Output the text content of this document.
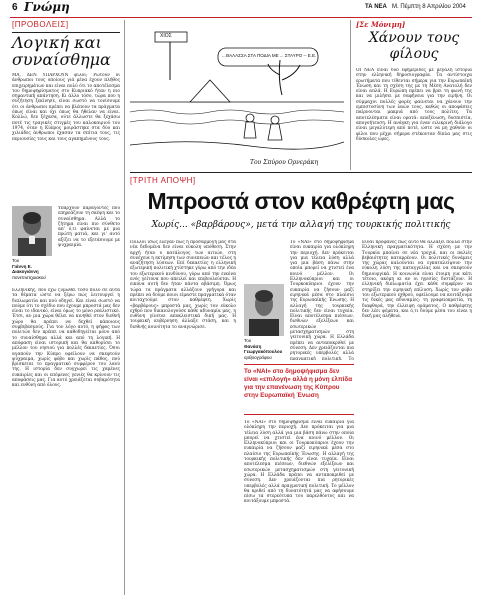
6 Γνώμη	ΤΑ ΝΕΑ Μ. Πέμπτη 8 Απριλίου 2004
[ΠΡΟΒΟΛΕΙΣ]
Λογική και συναίσθημα
ΜΑ, ΔΕΝ ΥΠΑΡΧΟΥΝ φίλοι; Ρωτούν οι άνθρωποι τους οποίους γιά μένα έχουν πλήθος επιχειρημάτων και είναι πολύ ότι το αποτέλεσμα του δημοψηφίσματος στο Κυπριακό ήταν η πιο σημαντική απάντηση. Κι άλλο τόσο, τώρα που η συζήτηση ξεκίνησε, είναι σωστό να τονίσουμε ότι οι άνθρωποι πρέπει να βλέπουν τα πράγματα όπως είναι και όχι όπως θα ήθελαν να είναι. Κολλώ, δεν ξέχασα, ούτε άλλωστε θα ξεχάσω ποτέ τις τραγικές στιγμές του καλοκαιριού του 1974, όταν η Κύπρος μοιράστηκε στα δύο και χιλιάδες άνθρωποι έχασαν τα σπίτια τους, τις περιουσίες τους και τους αγαπημένους τους.
Του
Γιάννη Ε. Διακογιάννη
πανεπιστημιακού
Υπάρχουν παράγοντες που επηρεάζουν τη σκέψη και το συναίσθημα. Αλλά το ζήτημα είναι πιο σύνθετο απ' ό,τι φαίνεται με μια πρώτη ματιά, και γι' αυτό αξίζει να το εξετάσουμε με ψυχραιμία.
Ελληνικής, πού έχω ζυμωθεί τόσο πολύ σε αυτά τα θέματα ώστε να ξέρω πώς λειτουργεί η διπλωματία και πού οδηγεί. Και είναι σωστό να πούμε ότι το σχέδιο που έχουμε μπροστά μας δεν είναι το ιδανικό, είναι όμως το μόνο ρεαλιστικό. Έτσι, αν μια χώρα θέλει να κινηθεί στον διεθνή χώρο θα πρέπει να δεχθεί κάποιους συμβιβασμούς. Για τον λόγο αυτό, η ψήφος των πολιτών δεν πρέπει να καθοδηγείται μόνο από το συναίσθημα αλλά και από τη λογική. Η απόφαση είναι ιστορική και θα καθορίσει το μέλλον του νησιού για πολλές δεκαετίες. Όσοι αγαπούν την Κύπρο οφείλουν να σκεφτούν ψύχραιμα, χωρίς φόβο και χωρίς πάθος, πού βρίσκεται το πραγματικό συμφέρον του λαού της. Η ιστορία δεν συγχωρεί τις χαμένες ευκαιρίες και οι επόμενες γενιές θα κρίνουν τις αποφάσεις μας. Για αυτό χρειάζεται σοβαρότητα και ευθύνη από όλους.
ΧΙΟΣ
...ΘΑΛΑΣΣΑ ΣΤΑ ΠΟΔΙΑ ΜΕ ... ΣΤΑΥΡΟ -- Ε.Ε.
Του Σπύρου Ορνεράκη
[Σε Μόνιμη]
Χάνουν τους φίλους
ΟΙ ΝΕΑ είναι δύο εφημερίδες με μεγάλη ιστορία στην ελληνική δημοσιογραφία. Τα αντίστοιχα ερωτήματα που τίθενται σήμερα για την Ευρωπαϊκή Ένωση και τη σχέση της με τη Μέση Ανατολή δεν είναι απλά. Η Ευρώπη πρέπει να βρει τη φωνή της και να μιλήσει με σαφήνεια για την ειρήνη. Οι σύμμαχοι πολλές φορές φαίνεται να χάνουν την εμπιστοσύνη των λαών τους, καθώς οι αποφάσεις παίρνονται μακριά από τους πολίτες. Τα αποτελέσματα είναι ορατά: αποξένωση, δυσπιστία, απογοήτευση. Η ανάγκη για έναν ειλικρινή διάλογο είναι μεγαλύτερη από ποτέ, ώστε να μη χαθούν οι φίλοι που μέχρι σήμερα στέκονταν δίπλα μας στις δύσκολες ώρες.
[ΤΡΙΤΗ ΑΠΟΨΗ]
Μπροστά στον καθρέφτη μας
Χωρίς... «βαρβάρους», μετά την αλλαγή της τουρκικής πολιτικής
Πολλοί ίσως έλεγαν πως η προσαρμογή μας στα νέα δεδομένα δεν είναι εύκολη υπόθεση. Στην αρχή ήταν ο κατάλογος των αιτιών, στη συνέχεια η εκτίμηση των συνεπειών και τέλος η αναζήτηση λύσεων. Επί δεκαετίες η ελληνική εξωτερική πολιτική χτίστηκε γύρω από την ιδέα του εξωτερικού κινδύνου, γύρω από την εικόνα ενός γείτονα που απειλεί και επιβουλεύεται. Η εικόνα αυτή δεν ήταν πάντα αβάσιμη. Όμως τώρα τα πράγματα αλλάζουν γρήγορα και πρέπει να δούμε ποιοι είμαστε πραγματικά όταν κοιταχτούμε στον καθρέφτη. Χωρίς «βαρβάρους» μπροστά μας, χωρίς τον εύκολο εχθρό που δικαιολογούσε κάθε αδυναμία μας, η ευθύνη γίνεται αποκλειστικά δική μας. Η τουρκική κυβέρνηση άλλαξε στάση, και η διεθνής κοινότητα το αναγνώρισε.
Του
Θανάση Γεωργακόπουλου
αρθρογράφου
Το «ΝΑΙ» στο δημοψήφισμα είναι ευκαιρία για ολόκληρη την περιοχή. Δεν πρόκειται για μια τέλεια λύση αλλά για μια βάση πάνω στην οποία μπορεί να χτιστεί ένα κοινό μέλλον. Οι Ελληνοκύπριοι και οι Τουρκοκύπριοι έχουν την ευκαιρία να ζήσουν μαζί ειρηνικά μέσα στο πλαίσιο της Ευρωπαϊκής Ένωσης. Η αλλαγή της τουρκικής πολιτικής δεν είναι τυχαία. Είναι αποτέλεσμα πιέσεων, διεθνών εξελίξεων και εσωτερικών μετασχηματισμών στη γειτονική χώρα. Η Ελλάδα πρέπει να ανταποκριθεί με σύνεση. Δεν χρειάζονται πια ρητορικές υπερβολές αλλά πραγματική πολιτική. Το
Το «ΝΑΙ» στο δημοψήφισμα δεν είναι «επιλογή» αλλά η μόνη ελπίδα για την επανένωση της Κύπρου στην Ευρωπαϊκή Ένωση
Το «ΝΑΙ» στο δημοψήφισμα είναι ευκαιρία για ολόκληρη την περιοχή. Δεν πρόκειται για μια τέλεια λύση αλλά για μια βάση πάνω στην οποία μπορεί να χτιστεί ένα κοινό μέλλον. Οι Ελληνοκύπριοι και οι Τουρκοκύπριοι έχουν την ευκαιρία να ζήσουν μαζί ειρηνικά μέσα στο πλαίσιο της Ευρωπαϊκής Ένωσης. Η αλλαγή της τουρκικής πολιτικής δεν είναι τυχαία. Είναι αποτέλεσμα πιέσεων, διεθνών εξελίξεων και εσωτερικών μετασχηματισμών στη γειτονική χώρα. Η Ελλάδα πρέπει να ανταποκριθεί με σύνεση. Δεν χρειάζονται πια ρητορικές υπερβολές αλλά πραγματική πολιτική. Το μέλλον θα κριθεί από τη δυνατότητά μας να αφήσουμε πίσω τα στερεότυπα του παρελθόντος και να κοιτάξουμε μπροστά.
Είναι προφανές πως αυτό θα αλλάξει πολλά στην Ελληνική πραγματικότητα. Η σχέση με την Τουρκία μπαίνει σε νέα τροχιά, και οι παλιές βεβαιότητες καταρρέουν. Οι πολιτικές δυνάμεις της χώρας καλούνται να εγκαταλείψουν την εύκολη λύση της καταγγελίας και να σκεφτούν δημιουργικά. Η κοινωνία είναι έτοιμη για κάτι τέτοιο, ακόμη κι αν οι ηγεσίες διστάζουν. Η ελληνική διπλωματία έχει κάθε συμφέρον να στηρίξει την ειρηνική επίλυση. Χωρίς τον φόβο του εξωτερικού εχθρού, οφείλουμε να κοιτάξουμε τις δικές μας αδυναμίες: τη γραφειοκρατία, τη διαφθορά, την έλλειψη οράματος. Ο καθρέφτης δεν λέει ψέματα, και ό,τι δούμε μέσα του είναι η δική μας αλήθεια.
